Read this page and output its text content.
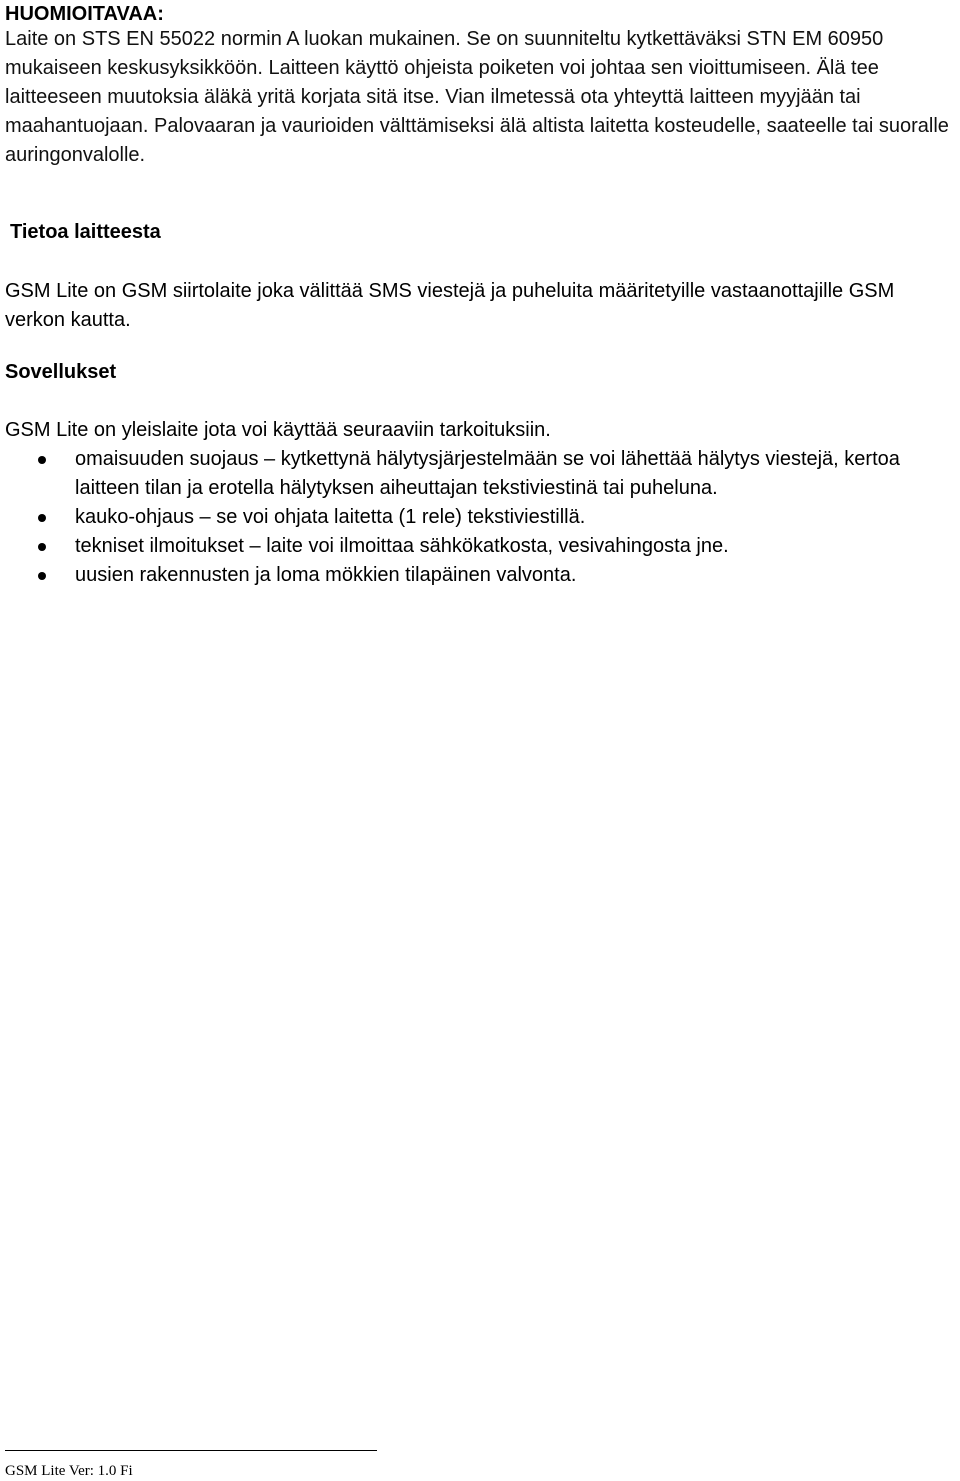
HUOMIOITAVAA:

Laite on STS EN 55022 normin A luokan mukainen. Se on suunniteltu kytkettäväksi STN EM 60950 mukaiseen keskusyksikköön. Laitteen käyttö ohjeista poiketen voi johtaa sen vioittumiseen. Älä tee laitteeseen muutoksia äläkä yritä korjata sitä itse. Vian ilmetessä ota yhteyttä laitteen myyjään tai maahantuojaan. Palovaaran ja vaurioiden välttämiseksi älä altista laitetta kosteudelle, saateelle tai suoralle auringonvalolle.

Tietoa laitteesta

GSM Lite on GSM siirtolaite joka välittää SMS viestejä ja puheluita määritetyille vastaanottajille GSM verkon kautta.

Sovellukset

GSM Lite on yleislaite jota voi käyttää seuraaviin tarkoituksiin.

omaisuuden suojaus – kytkettynä hälytysjärjestelmään se voi lähettää hälytys viestejä, kertoa laitteen tilan ja erotella hälytyksen aiheuttajan tekstiviestinä tai puheluna.
kauko-ohjaus – se voi ohjata laitetta (1 rele) tekstiviestillä.
tekniset ilmoitukset – laite voi ilmoittaa sähkökatkosta, vesivahingosta jne.
uusien rakennusten ja loma mökkien tilapäinen valvonta.

GSM Lite Ver: 1.0 Fi
